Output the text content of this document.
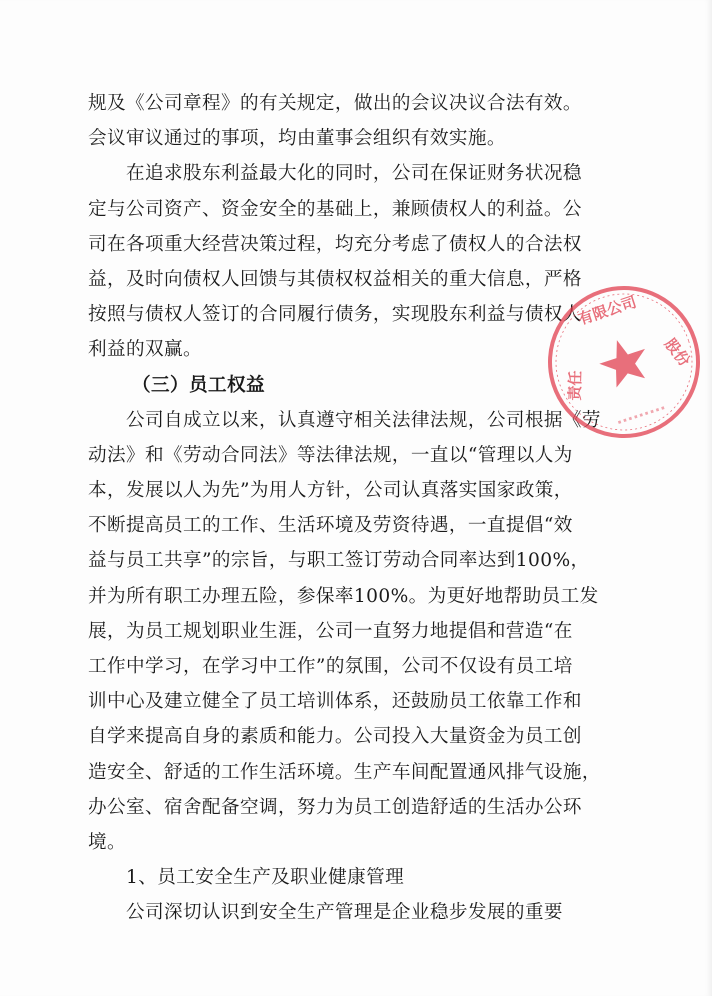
规及《公司章程》的有关规定，做出的会议决议合法有效。
会议审议通过的事项，均由董事会组织有效实施。
在追求股东利益最大化的同时，公司在保证财务状况稳
定与公司资产、资金安全的基础上，兼顾债权人的利益。公
司在各项重大经营决策过程，均充分考虑了债权人的合法权
益，及时向债权人回馈与其债权权益相关的重大信息，严格
按照与债权人签订的合同履行债务，实现股东利益与债权人
利益的双赢。
（三）员工权益
公司自成立以来，认真遵守相关法律法规，公司根据《劳
动法》和《劳动合同法》等法律法规，一直以“管理以人为
本，发展以人为先”为用人方针，公司认真落实国家政策，
不断提高员工的工作、生活环境及劳资待遇，一直提倡“效
益与员工共享”的宗旨，与职工签订劳动合同率达到100%，
并为所有职工办理五险，参保率100%。为更好地帮助员工发
展，为员工规划职业生涯，公司一直努力地提倡和营造“在
工作中学习，在学习中工作”的氛围，公司不仅设有员工培
训中心及建立健全了员工培训体系，还鼓励员工依靠工作和
自学来提高自身的素质和能力。公司投入大量资金为员工创
造安全、舒适的工作生活环境。生产车间配置通风排气设施，
办公室、宿舍配备空调，努力为员工创造舒适的生活办公环
境。
1、员工安全生产及职业健康管理
公司深切认识到安全生产管理是企业稳步发展的重要
有限公司
责任
股份
·········
